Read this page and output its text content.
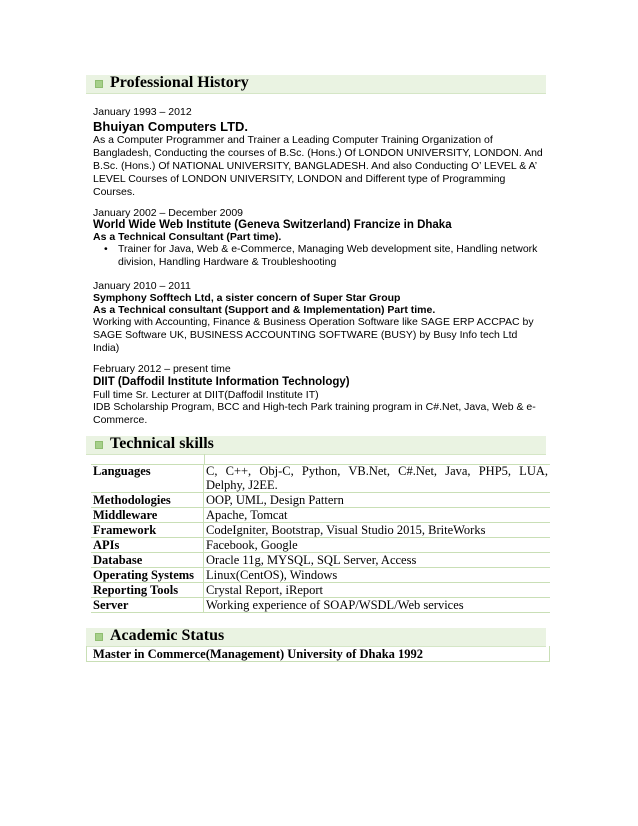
Professional History
January 1993 – 2012
Bhuiyan Computers LTD.
As a Computer Programmer and Trainer a Leading Computer Training Organization of Bangladesh, Conducting the courses of B.Sc. (Hons.) Of LONDON UNIVERSITY, LONDON. And B.Sc. (Hons.) Of NATIONAL UNIVERSITY, BANGLADESH. And also Conducting O’ LEVEL & A’ LEVEL Courses of LONDON UNIVERSITY, LONDON and Different type of Programming Courses.
January 2002 – December 2009
World Wide Web Institute (Geneva Switzerland) Francize in Dhaka
As a Technical Consultant (Part time).
• Trainer for Java, Web & e-Commerce, Managing Web development site, Handling network division, Handling Hardware & Troubleshooting
January 2010 – 2011
Symphony Sofftech Ltd, a sister concern of Super Star Group
As a Technical consultant (Support and & Implementation) Part time.
Working with Accounting, Finance & Business Operation Software like SAGE ERP ACCPAC by SAGE Software UK, BUSINESS ACCOUNTING SOFTWARE (BUSY) by Busy Info tech Ltd India)
February 2012 – present time
DIIT (Daffodil Institute Information Technology)
Full time Sr. Lecturer at DIIT(Daffodil Institute IT)
IDB Scholarship Program, BCC and High-tech Park training program in C#.Net, Java, Web & e-Commerce.
Technical skills
Languages	C, C++, Obj-C, Python, VB.Net, C#.Net, Java, PHP5, LUA, Delphy, J2EE.
Methodologies	OOP, UML, Design Pattern
Middleware	Apache, Tomcat
Framework	CodeIgniter, Bootstrap, Visual Studio 2015, BriteWorks
APIs	Facebook, Google
Database	Oracle 11g, MYSQL, SQL Server, Access
Operating Systems	Linux(CentOS), Windows
Reporting Tools	Crystal Report, iReport
Server	Working experience of SOAP/WSDL/Web services
Academic Status
Master in Commerce(Management) University of Dhaka 1992
